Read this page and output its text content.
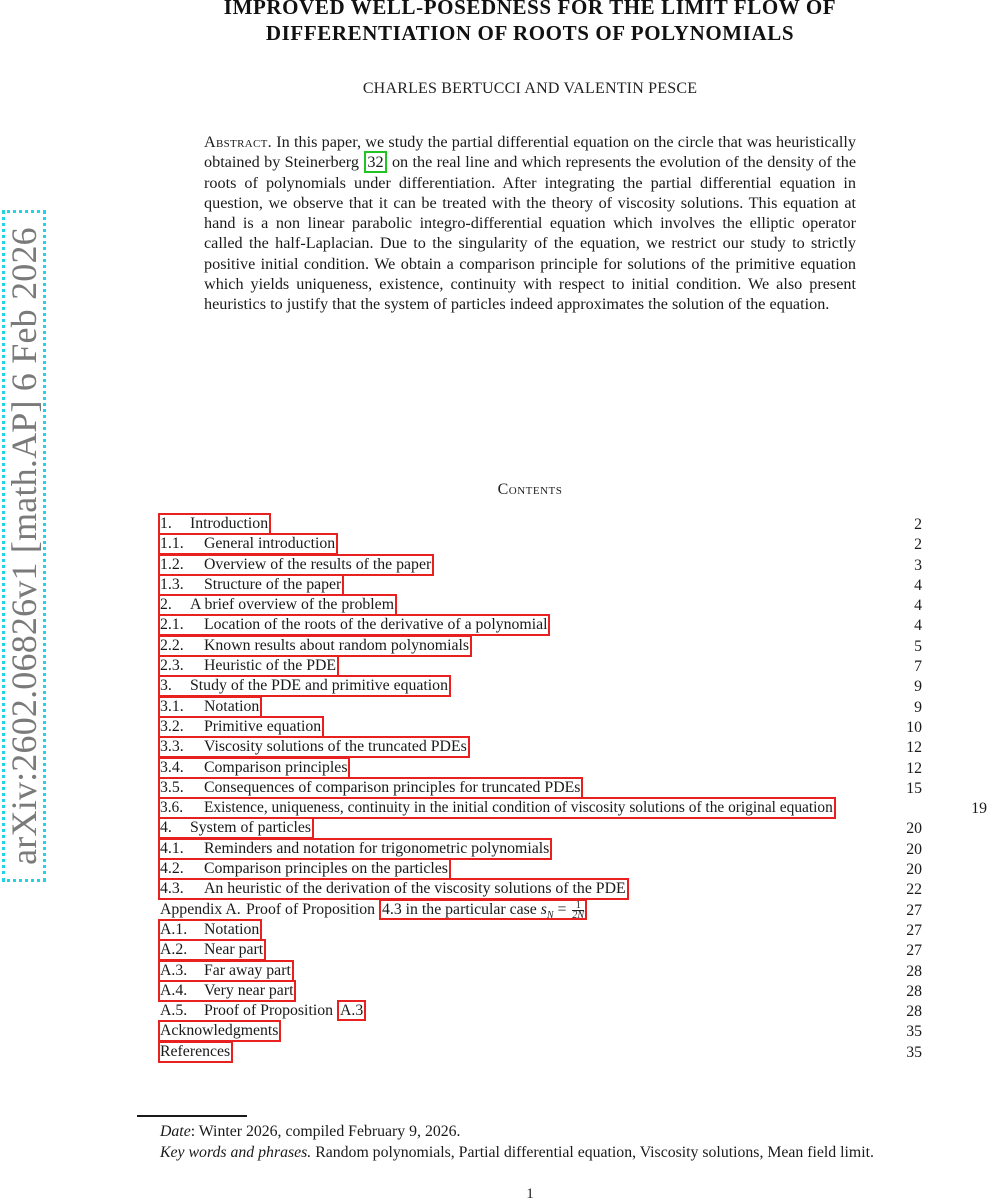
arXiv:2602.06826v1 [math.AP] 6 Feb 2026
IMPROVED WELL-POSEDNESS FOR THE LIMIT FLOW OF
DIFFERENTIATION OF ROOTS OF POLYNOMIALS
CHARLES BERTUCCI AND VALENTIN PESCE
Abstract. In this paper, we study the partial differential equation on the circle that was heuristically obtained by Steinerberg 32 on the real line and which represents the evolution of the density of the roots of polynomials under differentiation. After integrating the partial differential equation in question, we observe that it can be treated with the theory of viscosity solutions. This equation at hand is a non linear parabolic integro-differential equation which involves the elliptic operator called the half-Laplacian. Due to the singularity of the equation, we restrict our study to strictly positive initial condition. We obtain a comparison principle for solutions of the primitive equation which yields uniqueness, existence, continuity with respect to initial condition. We also present heuristics to justify that the system of particles indeed approximates the solution of the equation.
Contents
1. Introduction	2
1.1. General introduction	2
1.2. Overview of the results of the paper	3
1.3. Structure of the paper	4
2. A brief overview of the problem	4
2.1. Location of the roots of the derivative of a polynomial	4
2.2. Known results about random polynomials	5
2.3. Heuristic of the PDE	7
3. Study of the PDE and primitive equation	9
3.1. Notation	9
3.2. Primitive equation	10
3.3. Viscosity solutions of the truncated PDEs	12
3.4. Comparison principles	12
3.5. Consequences of comparison principles for truncated PDEs	15
3.6. Existence, uniqueness, continuity in the initial condition of viscosity solutions of the original equation	19
4. System of particles	20
4.1. Reminders and notation for trigonometric polynomials	20
4.2. Comparison principles on the particles	20
4.3. An heuristic of the derivation of the viscosity solutions of the PDE	22
Appendix A. Proof of Proposition 4.3 in the particular case $s_N = \frac{1}{2N}$	27
A.1. Notation	27
A.2. Near part	27
A.3. Far away part	28
A.4. Very near part	28
A.5. Proof of Proposition A.3	28
Acknowledgments	35
References	35

Date: Winter 2026, compiled February 9, 2026.

Key words and phrases. Random polynomials, Partial differential equation, Viscosity solutions, Mean field limit.

1
